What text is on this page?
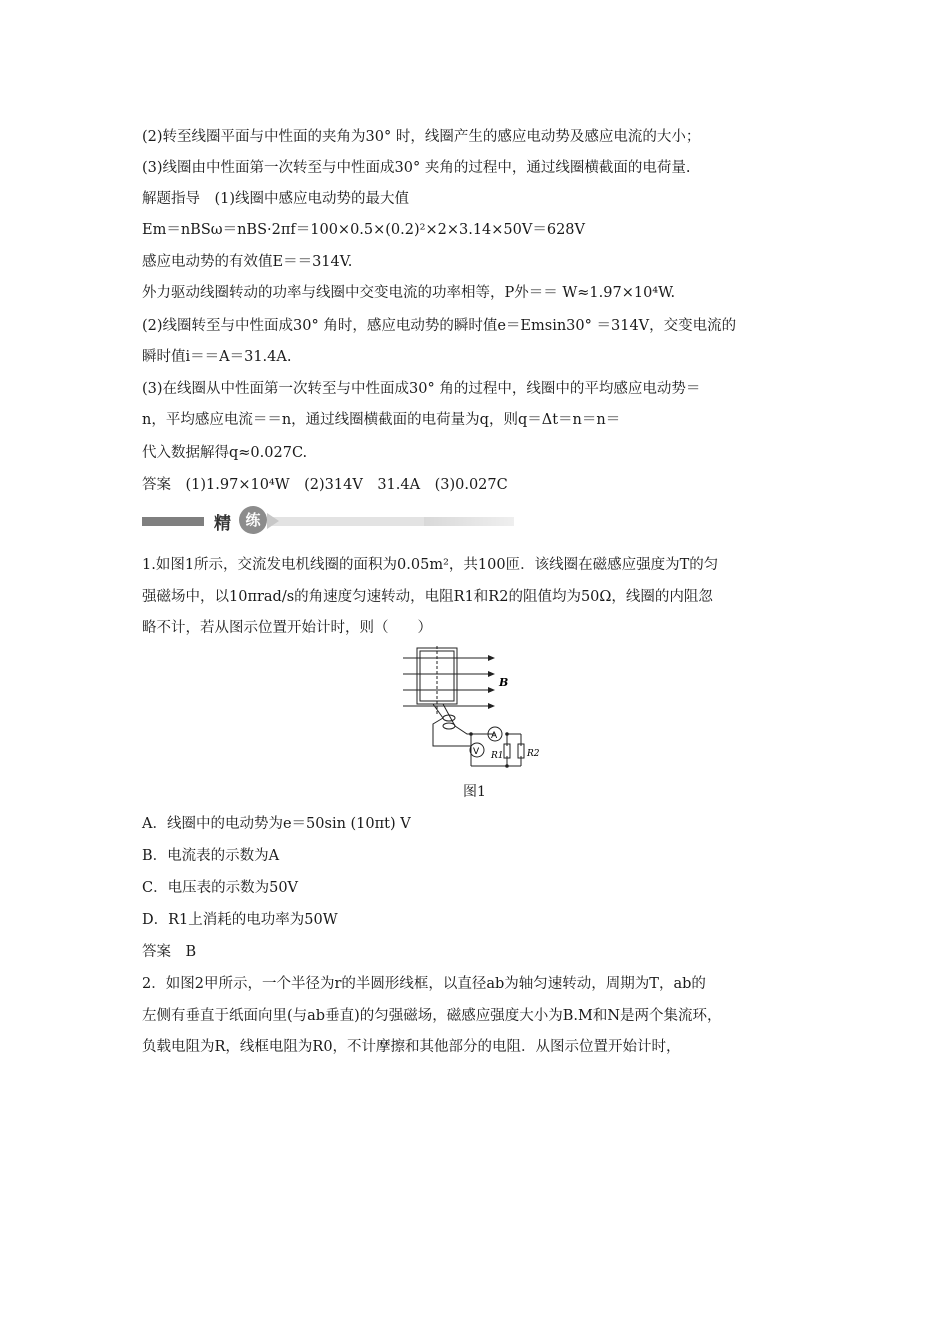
(2)转至线圈平面与中性面的夹角为30° 时，线圈产生的感应电动势及感应电流的大小；
(3)线圈由中性面第一次转至与中性面成30° 夹角的过程中，通过线圈横截面的电荷量.
解题指导　(1)线圈中感应电动势的最大值
Em＝nBSω＝nBS·2πf＝100×0.5×(0.2)²×2×3.14×50V＝628V
感应电动势的有效值E＝＝314V.
外力驱动线圈转动的功率与线圈中交变电流的功率相等，P外＝＝ W≈1.97×10⁴W.
(2)线圈转至与中性面成30° 角时，感应电动势的瞬时值e＝Emsin30° ＝314V，交变电流的
瞬时值i＝＝A＝31.4A.
(3)在线圈从中性面第一次转至与中性面成30° 角的过程中，线圈中的平均感应电动势＝
n，平均感应电流＝＝n，通过线圈横截面的电荷量为q，则q＝Δt＝n＝n＝
代入数据解得q≈0.027C.
答案　(1)1.97×10⁴W　(2)314V　31.4A　(3)0.027C
精 练
1.如图1所示，交流发电机线圈的面积为0.05m²，共100匝．该线圈在磁感应强度为T的匀
强磁场中，以10πrad/s的角速度匀速转动，电阻R1和R2的阻值均为50Ω，线圈的内阻忽
略不计，若从图示位置开始计时，则（　　）
B
V
A
R1	R2
图1
A．线圈中的电动势为e＝50sin (10πt) V
B．电流表的示数为A
C．电压表的示数为50V
D．R1上消耗的电功率为50W
答案　B
2．如图2甲所示，一个半径为r的半圆形线框，以直径ab为轴匀速转动，周期为T，ab的
左侧有垂直于纸面向里(与ab垂直)的匀强磁场，磁感应强度大小为B.M和N是两个集流环，
负载电阻为R，线框电阻为R0，不计摩擦和其他部分的电阻．从图示位置开始计时，
